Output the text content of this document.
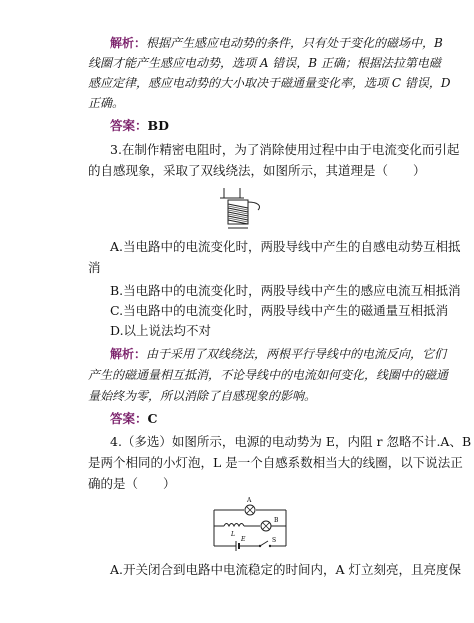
解析：根据产生感应电动势的条件，只有处于变化的磁场中，B
线圈才能产生感应电动势，选项 A 错误，B 正确；根据法拉第电磁
感应定律，感应电动势的大小取决于磁通量变化率，选项 C 错误，D
正确。
答案：BD
3.在制作精密电阻时，为了消除使用过程中由于电流变化而引起
的自感现象，采取了双线绕法，如图所示，其道理是（　　）
A.当电路中的电流变化时，两股导线中产生的自感电动势互相抵
消
B.当电路中的电流变化时，两股导线中产生的感应电流互相抵消
C.当电路中的电流变化时，两股导线中产生的磁通量互相抵消
D.以上说法均不对
解析：由于采用了双线绕法，两根平行导线中的电流反向，它们
产生的磁通量相互抵消，不论导线中的电流如何变化，线圈中的磁通
量始终为零，所以消除了自感现象的影响。
答案：C
4.（多选）如图所示，电源的电动势为 E，内阻 r 忽略不计.A、B
是两个相同的小灯泡，L 是一个自感系数相当大的线圈，以下说法正
确的是（　　）
A
L
B
E	S
A.开关闭合到电路中电流稳定的时间内，A 灯立刻亮，且亮度保
